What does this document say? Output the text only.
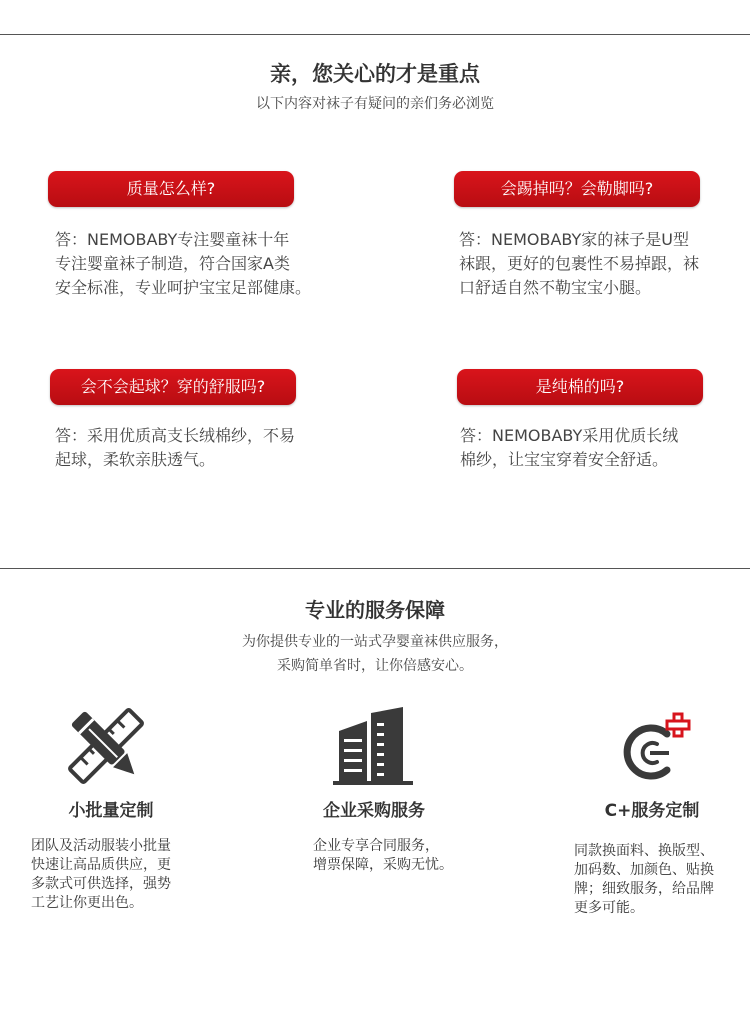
亲，您关心的才是重点
以下内容对袜子有疑问的亲们务必浏览
质量怎么样?
答：NEMOBABY专注婴童袜十年
专注婴童袜子制造，符合国家A类
安全标准，专业呵护宝宝足部健康。
会踢掉吗？会勒脚吗?
答：NEMOBABY家的袜子是U型
袜跟，更好的包裹性不易掉跟，袜
口舒适自然不勒宝宝小腿。
会不会起球？穿的舒服吗?
答：采用优质高支长绒棉纱，不易
起球，柔软亲肤透气。
是纯棉的吗?
答：NEMOBABY采用优质长绒
棉纱，让宝宝穿着安全舒适。
专业的服务保障
为你提供专业的一站式孕婴童袜供应服务，
采购简单省时，让你倍感安心。
小批量定制
团队及活动服装小批量
快速让高品质供应，更
多款式可供选择，强势
工艺让你更出色。
企业采购服务
企业专享合同服务，
增票保障，采购无忧。
C+服务定制
同款换面料、换版型、
加码数、加颜色、贴换
牌；细致服务，给品牌
更多可能。
